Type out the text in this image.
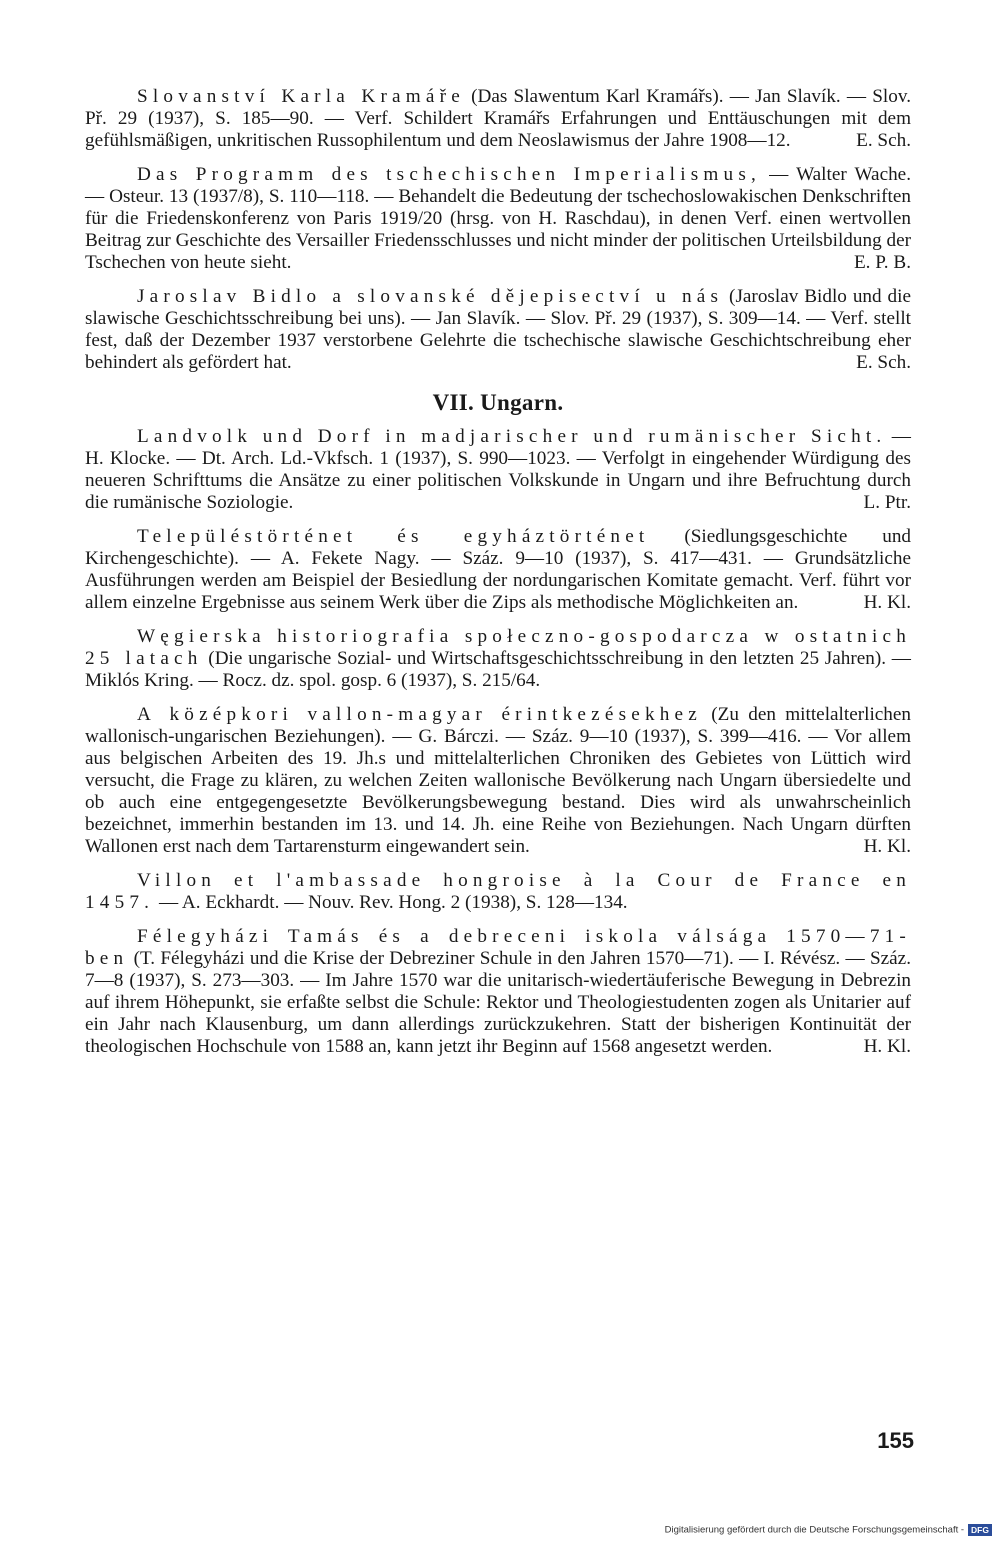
Slovanství Karla Kramáře (Das Slawentum Karl Kramářs). — Jan Slavík. — Slov. Př. 29 (1937), S. 185—90. — Verf. Schildert Kramářs Erfahrungen und Enttäuschungen mit dem gefühlsmäßigen, unkritischen Russophilentum und dem Neoslawismus der Jahre 1908—12.	E. Sch.

Das Programm des tschechischen Imperialismus, — Walter Wache. — Osteur. 13 (1937/8), S. 110—118. — Behandelt die Bedeutung der tschechoslowakischen Denkschriften für die Friedenskonferenz von Paris 1919/20 (hrsg. von H. Raschdau), in denen Verf. einen wertvollen Beitrag zur Geschichte des Versailler Friedensschlusses und nicht minder der politischen Urteilsbildung der Tschechen von heute sieht.	E. P. B.

Jaroslav Bidlo a slovanské dějepisectví u nás (Jaroslav Bidlo und die slawische Geschichtsschreibung bei uns). — Jan Slavík. — Slov. Př. 29 (1937), S. 309—14. — Verf. stellt fest, daß der Dezember 1937 verstorbene Gelehrte die tschechische slawische Geschichtschreibung eher behindert als gefördert hat.	E. Sch.

VII. Ungarn.

Landvolk und Dorf in madjarischer und rumänischer Sicht. — H. Klocke. — Dt. Arch. Ld.-Vkfsch. 1 (1937), S. 990—1023. — Verfolgt in eingehender Würdigung des neueren Schrifttums die Ansätze zu einer politischen Volkskunde in Ungarn und ihre Befruchtung durch die rumänische Soziologie.	L. Ptr.

Településtörténet és egyháztörténet (Siedlungsgeschichte und Kirchengeschichte). — A. Fekete Nagy. — Száz. 9—10 (1937), S. 417—431. — Grundsätzliche Ausführungen werden am Beispiel der Besiedlung der nordungarischen Komitate gemacht. Verf. führt vor allem einzelne Ergebnisse aus seinem Werk über die Zips als methodische Möglichkeiten an.	H. Kl.

Węgierska historiografia społeczno-gospodarcza w ostatnich 25 latach (Die ungarische Sozial- und Wirtschaftsgeschichtsschreibung in den letzten 25 Jahren). — Miklós Kring. — Rocz. dz. spol. gosp. 6 (1937), S. 215/64.

A középkori vallon-magyar érintkezésekhez (Zu den mittelalterlichen wallonisch-ungarischen Beziehungen). — G. Bárczi. — Száz. 9—10 (1937), S. 399—416. — Vor allem aus belgischen Arbeiten des 19. Jh.s und mittelalterlichen Chroniken des Gebietes von Lüttich wird versucht, die Frage zu klären, zu welchen Zeiten wallonische Bevölkerung nach Ungarn übersiedelte und ob auch eine entgegengesetzte Bevölkerungsbewegung bestand. Dies wird als unwahrscheinlich bezeichnet, immerhin bestanden im 13. und 14. Jh. eine Reihe von Beziehungen. Nach Ungarn dürften Wallonen erst nach dem Tartarensturm eingewandert sein.	H. Kl.

Villon et l'ambassade hongroise à la Cour de France en 1457. — A. Eckhardt. — Nouv. Rev. Hong. 2 (1938), S. 128—134.

Félegyházi Tamás és a debreceni iskola válsága 1570—71-ben (T. Félegyházi und die Krise der Debreziner Schule in den Jahren 1570—71). — I. Révész. — Száz. 7—8 (1937), S. 273—303. — Im Jahre 1570 war die unitarisch-wiedertäuferische Bewegung in Debrezin auf ihrem Höhepunkt, sie erfaßte selbst die Schule: Rektor und Theologiestudenten zogen als Unitarier auf ein Jahr nach Klausenburg, um dann allerdings zurückzukehren. Statt der bisherigen Kontinuität der theologischen Hochschule von 1588 an, kann jetzt ihr Beginn auf 1568 angesetzt werden.	H. Kl.

155
Digitalisierung gefördert durch die Deutsche Forschungsgemeinschaft - DFG
